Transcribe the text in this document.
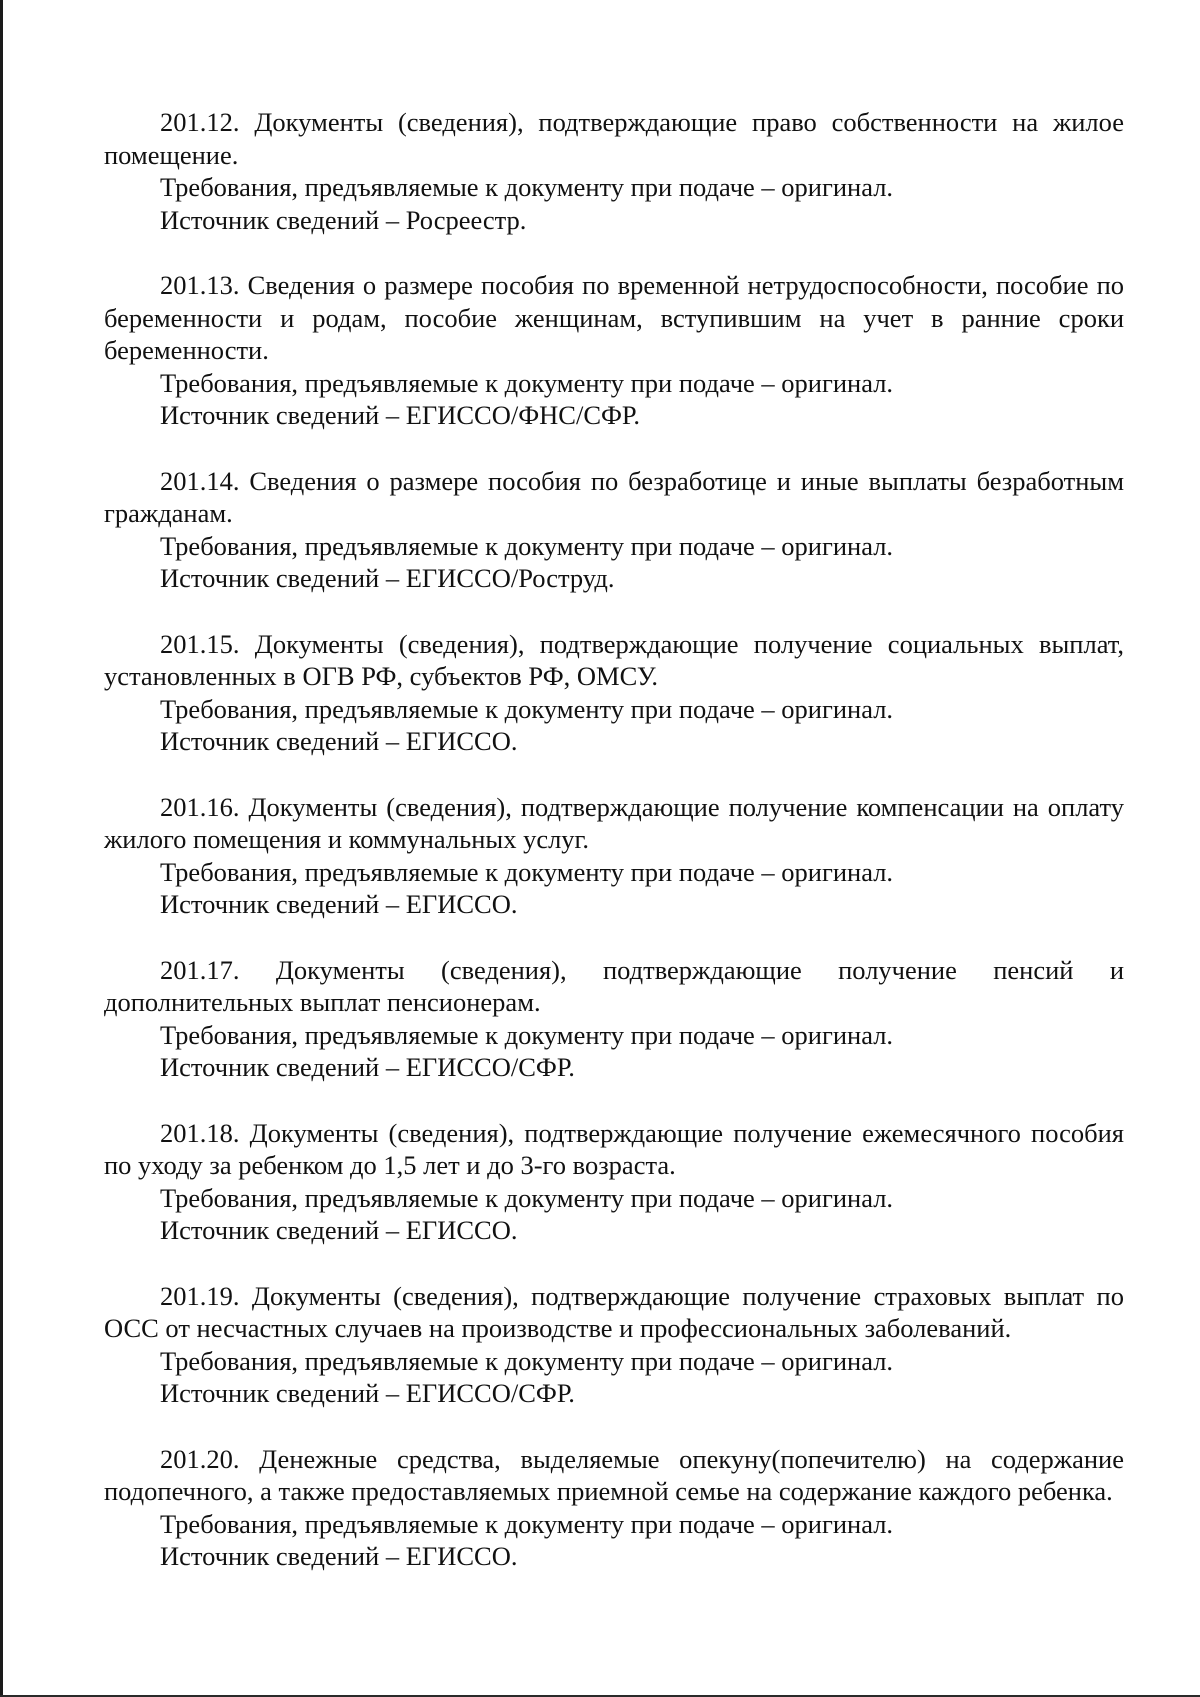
201.12. Документы (сведения), подтверждающие право собственности на жилое помещение.

Требования, предъявляемые к документу при подаче – оригинал.

Источник сведений – Росреестр.

201.13. Сведения о размере пособия по временной нетрудоспособности, пособие по беременности и родам, пособие женщинам, вступившим на учет в ранние сроки беременности.

Требования, предъявляемые к документу при подаче – оригинал.

Источник сведений – ЕГИССО/ФНС/СФР.

201.14. Сведения о размере пособия по безработице и иные выплаты безработным гражданам.

Требования, предъявляемые к документу при подаче – оригинал.

Источник сведений – ЕГИССО/Роструд.

201.15. Документы (сведения), подтверждающие получение социальных выплат, установленных в ОГВ РФ, субъектов РФ, ОМСУ.

Требования, предъявляемые к документу при подаче – оригинал.

Источник сведений – ЕГИССО.

201.16. Документы (сведения), подтверждающие получение компенсации на оплату жилого помещения и коммунальных услуг.

Требования, предъявляемые к документу при подаче – оригинал.

Источник сведений – ЕГИССО.

201.17. Документы (сведения), подтверждающие получение пенсий и дополнительных выплат пенсионерам.

Требования, предъявляемые к документу при подаче – оригинал.

Источник сведений – ЕГИССО/СФР.

201.18. Документы (сведения), подтверждающие получение ежемесячного пособия по уходу за ребенком до 1,5 лет и до 3-го возраста.

Требования, предъявляемые к документу при подаче – оригинал.

Источник сведений – ЕГИССО.

201.19. Документы (сведения), подтверждающие получение страховых выплат по ОСС от несчастных случаев на производстве и профессиональных заболеваний.

Требования, предъявляемые к документу при подаче – оригинал.

Источник сведений – ЕГИССО/СФР.

201.20. Денежные средства, выделяемые опекуну(попечителю) на содержание подопечного, а также предоставляемых приемной семье на содержание каждого ребенка.

Требования, предъявляемые к документу при подаче – оригинал.

Источник сведений – ЕГИССО.
